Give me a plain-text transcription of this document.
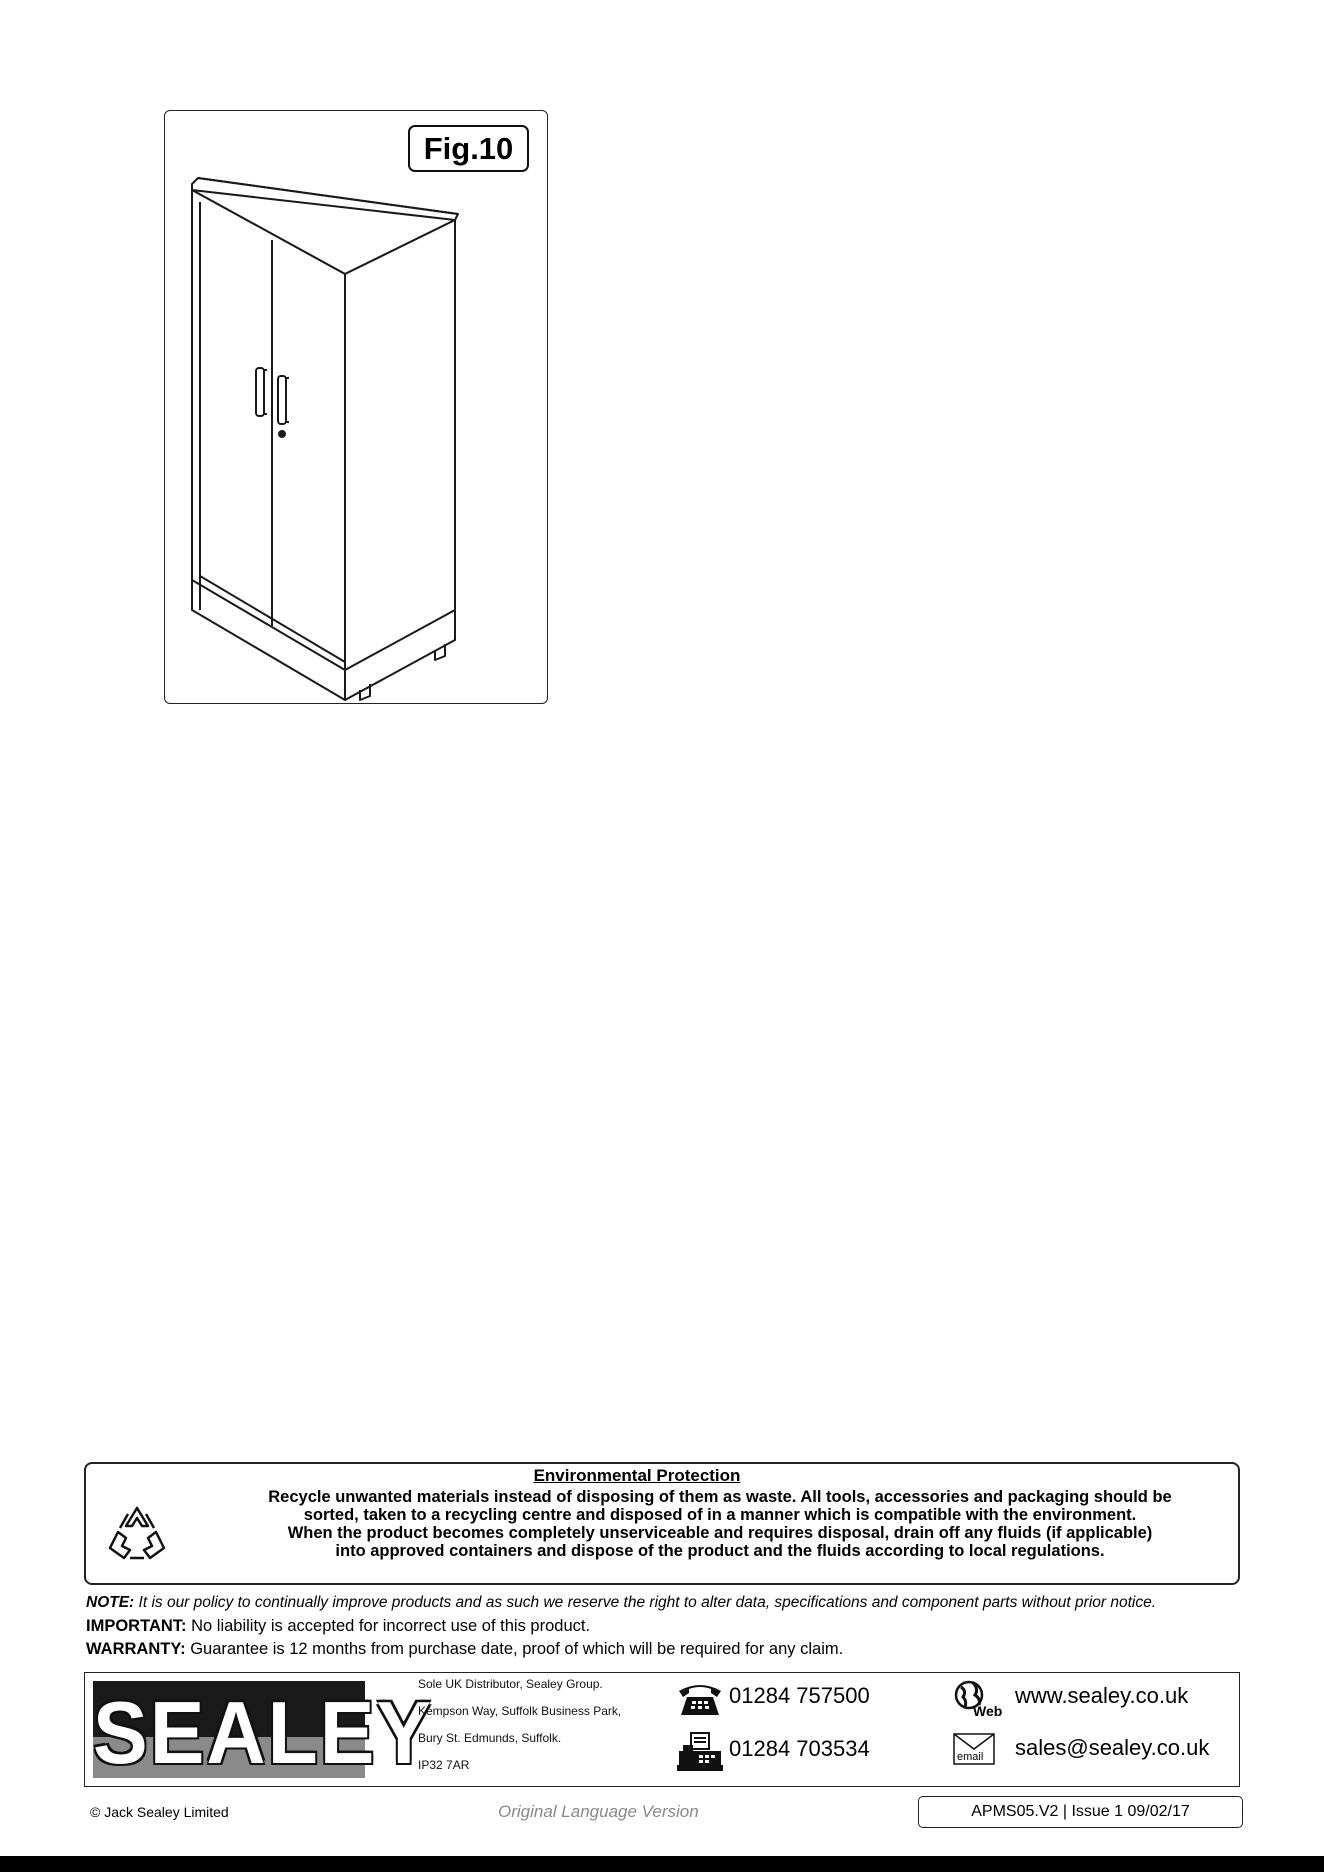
Fig.10
Environmental Protection
Recycle unwanted materials instead of disposing of them as waste. All tools, accessories and packaging should be
sorted, taken to a recycling centre and disposed of in a manner which is compatible with the environment.
When the product becomes completely unserviceable and requires disposal, drain off any fluids (if applicable)
into approved containers and dispose of the product and the fluids according to local regulations.
NOTE: It is our policy to continually improve products and as such we reserve the right to alter data, specifications and component parts without prior notice.
IMPORTANT: No liability is accepted for incorrect use of this product.
WARRANTY: Guarantee is 12 months from purchase date, proof of which will be required for any claim.
SEALEY
Sole UK Distributor, Sealey Group.
Kempson Way, Suffolk Business Park,
Bury St. Edmunds, Suffolk.
IP32 7AR
01284 757500
01284 703534
Web
www.sealey.co.uk
email sales@sealey.co.uk
© Jack Sealey Limited	Original Language Version	APMS05.V2 | Issue 1 09/02/17
